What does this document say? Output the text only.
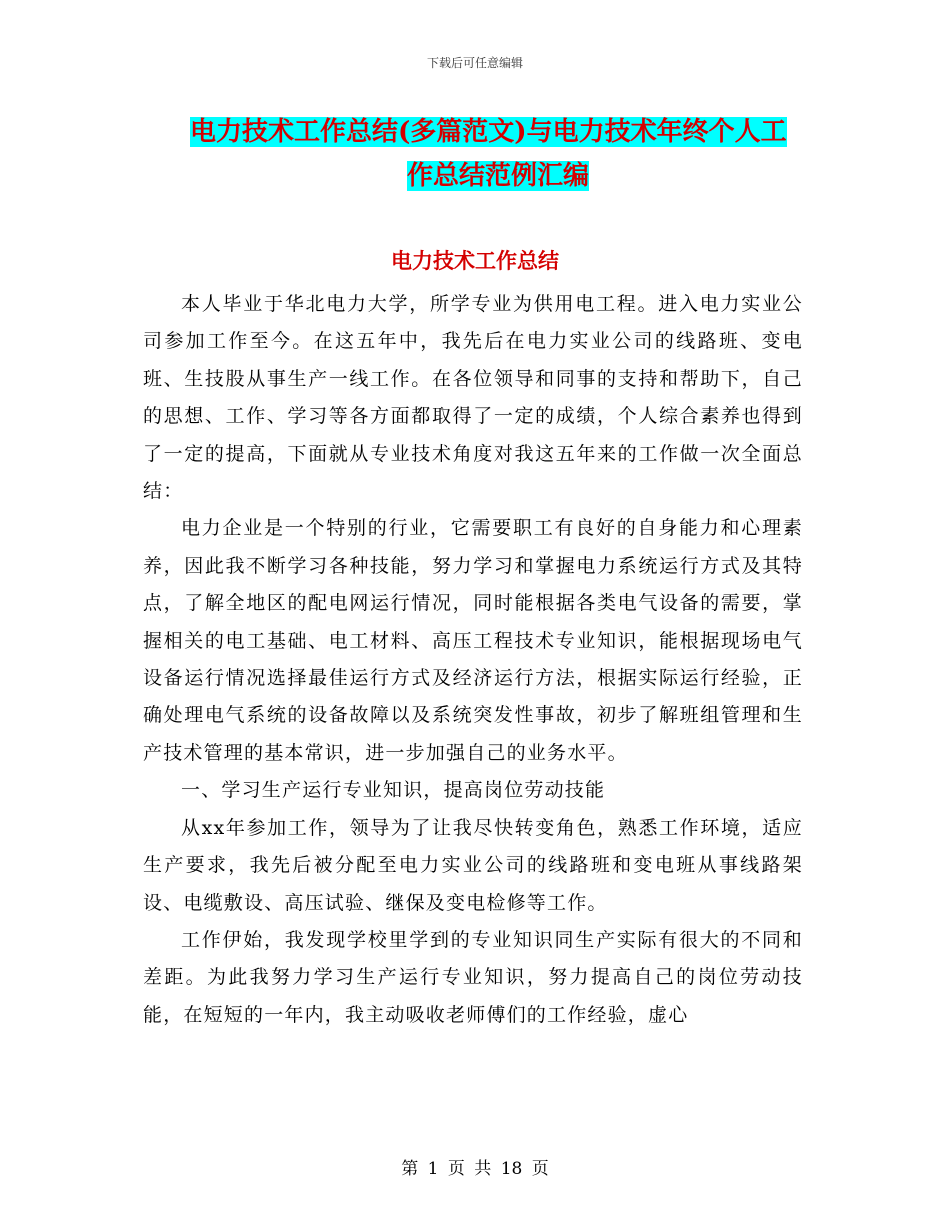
下载后可任意编辑
电力技术工作总结(多篇范文)与电力技术年终个人工
作总结范例汇编
电力技术工作总结

本人毕业于华北电力大学，所学专业为供用电工程。进入电力实业公司参加工作至今。在这五年中，我先后在电力实业公司的线路班、变电班、生技股从事生产一线工作。在各位领导和同事的支持和帮助下，自己的思想、工作、学习等各方面都取得了一定的成绩，个人综合素养也得到了一定的提高，下面就从专业技术角度对我这五年来的工作做一次全面总结：

电力企业是一个特别的行业，它需要职工有良好的自身能力和心理素养，因此我不断学习各种技能，努力学习和掌握电力系统运行方式及其特点，了解全地区的配电网运行情况，同时能根据各类电气设备的需要，掌握相关的电工基础、电工材料、高压工程技术专业知识，能根据现场电气设备运行情况选择最佳运行方式及经济运行方法，根据实际运行经验，正确处理电气系统的设备故障以及系统突发性事故，初步了解班组管理和生产技术管理的基本常识，进一步加强自己的业务水平。

一、学习生产运行专业知识，提高岗位劳动技能

从xx年参加工作，领导为了让我尽快转变角色，熟悉工作环境，适应生产要求，我先后被分配至电力实业公司的线路班和变电班从事线路架设、电缆敷设、高压试验、继保及变电检修等工作。

工作伊始，我发现学校里学到的专业知识同生产实际有很大的不同和差距。为此我努力学习生产运行专业知识，努力提高自己的岗位劳动技能，在短短的一年内，我主动吸收老师傅们的工作经验，虚心

第 1 页 共 18 页
